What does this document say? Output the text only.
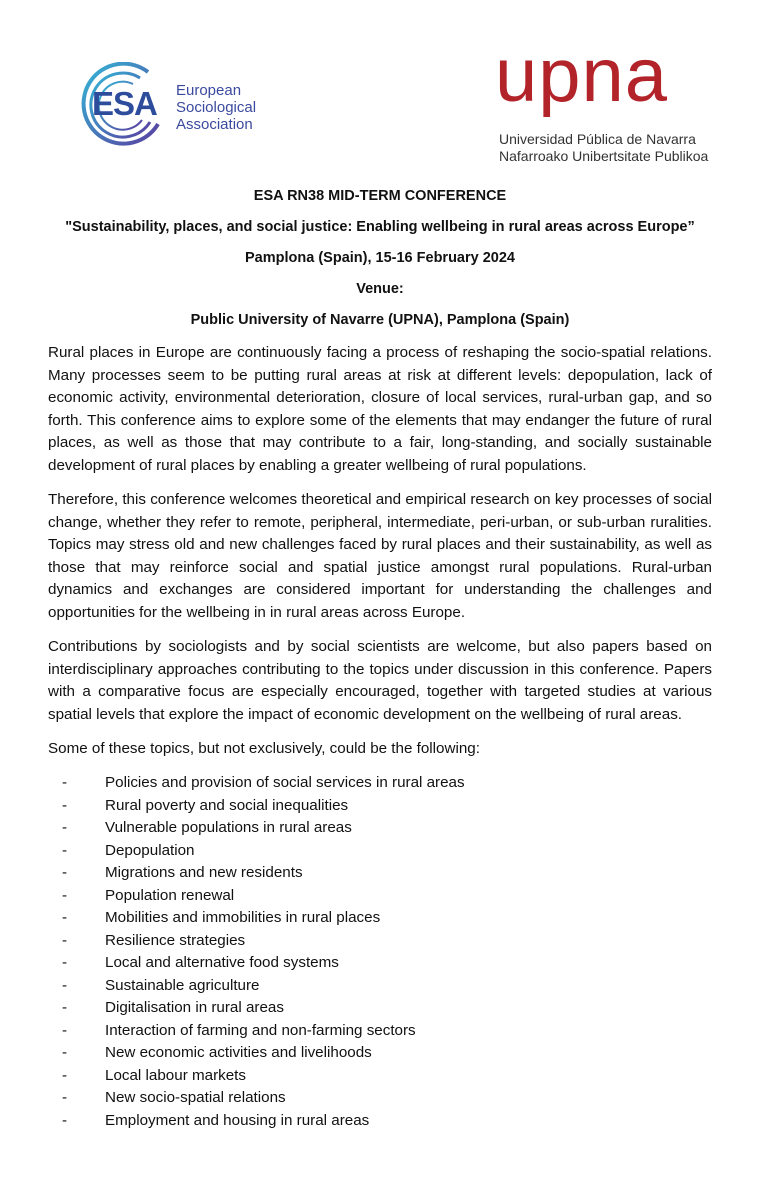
ESA European
Sociological
Association
upna
Universidad Pública de Navarra
Nafarroako Unibertsitate Publikoa
ESA RN38 MID-TERM CONFERENCE
"Sustainability, places, and social justice: Enabling wellbeing in rural areas across Europe”
Pamplona (Spain), 15-16 February 2024
Venue:
Public University of Navarre (UPNA), Pamplona (Spain)

Rural places in Europe are continuously facing a process of reshaping the socio-spatial relations. Many processes seem to be putting rural areas at risk at different levels: depopulation, lack of economic activity, environmental deterioration, closure of local services, rural-urban gap, and so forth. This conference aims to explore some of the elements that may endanger the future of rural places, as well as those that may contribute to a fair, long-standing, and socially sustainable development of rural places by enabling a greater wellbeing of rural populations.

Therefore, this conference welcomes theoretical and empirical research on key processes of social change, whether they refer to remote, peripheral, intermediate, peri-urban, or sub-urban ruralities. Topics may stress old and new challenges faced by rural places and their sustainability, as well as those that may reinforce social and spatial justice amongst rural populations. Rural-urban dynamics and exchanges are considered important for understanding the challenges and opportunities for the wellbeing in in rural areas across Europe.

Contributions by sociologists and by social scientists are welcome, but also papers based on interdisciplinary approaches contributing to the topics under discussion in this conference. Papers with a comparative focus are especially encouraged, together with targeted studies at various spatial levels that explore the impact of economic development on the wellbeing of rural areas.

Some of these topics, but not exclusively, could be the following:

- Policies and provision of social services in rural areas
- Rural poverty and social inequalities
- Vulnerable populations in rural areas
- Depopulation
- Migrations and new residents
- Population renewal
- Mobilities and immobilities in rural places
- Resilience strategies
- Local and alternative food systems
- Sustainable agriculture
- Digitalisation in rural areas
- Interaction of farming and non-farming sectors
- New economic activities and livelihoods
- Local labour markets
- New socio-spatial relations
- Employment and housing in rural areas
